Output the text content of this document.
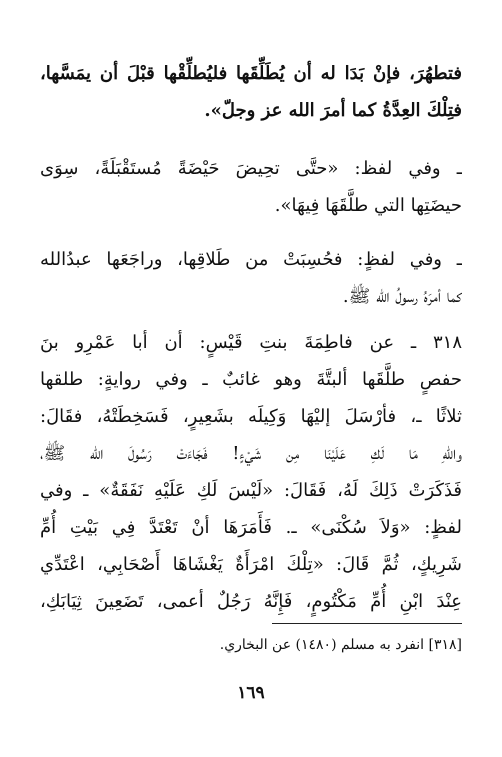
فتطهُرَ، فإنْ بَدَا له أن يُطَلِّقَها فليُطلِّقْها قبْلَ أن يمَسَّها،
فتِلْكَ العِدَّةُ كما أمرَ الله عز وجلّ».
ـ وفي لفظ: «حتَّى تحِيضَ حَيْضَةً مُستَقْبَلَةً، سِوَى
حيضَتِها التي طلَّقَهَا فِيهَا».
ـ وفي لفظٍ: فحُسِبَتْ من طَلاقِها، وراجَعَها عبدُالله
كما أمرَهُ رسولُ الله ﷺ.
٣١٨ ـ عن فاطِمَةَ بنتِ قَيْسٍ: أن أبا عَمْرِو بنَ
حفصٍ طلَّقَها ألبتَّةَ وهو غائبٌ ـ وفي روايةٍ: طلقها
ثلاثًا ـ، فأرْسَلَ إليْهَا وَكِيلَه بشَعِيرٍ، فَسَخِطَتْهُ، فقَالَ:
واللهِ مَا لَكِ عَلَيْنَا مِن شَيْءٍ! فَجَاءَتْ رَسُولَ الله ﷺ،
فَذَكَرَتْ ذَلِكَ لَهُ، فَقَالَ: «لَيْسَ لَكِ عَلَيْهِ نَفَقَةٌ» ـ وفي
لفظٍ: «وَلاَ سُكْنَى» ـ. فَأَمَرَهَا أنْ تَعْتَدَّ فِي بَيْتِ أُمِّ
شَرِيكٍ، ثُمَّ قَالَ: «تِلْكَ امْرَأَةٌ يَغْشَاهَا أَصْحَابِي، اعْتَدِّي
عِنْدَ ابْنِ أُمِّ مَكْتُومٍ، فَإِنَّهُ رَجُلٌ أعمى، تَضَعِينَ ثِيَابَكِ،
[٣١٨] انفرد به مسلم (١٤٨٠) عن البخاري.
١٦٩
